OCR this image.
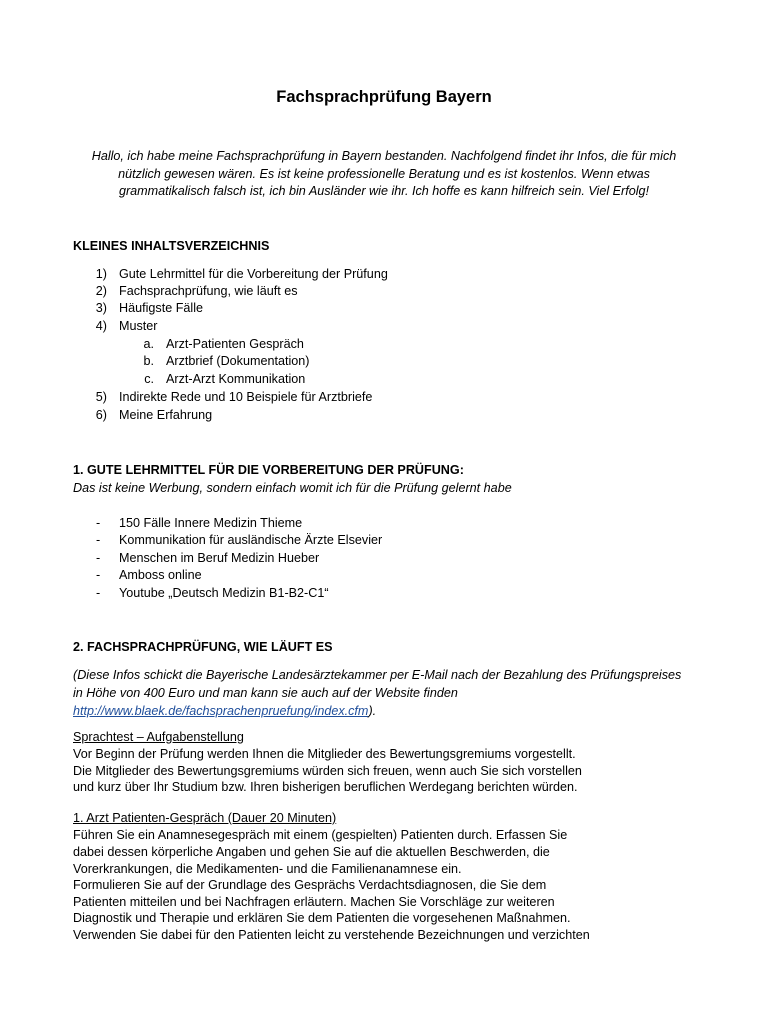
Fachsprachprüfung Bayern
Hallo, ich habe meine Fachsprachprüfung in Bayern bestanden. Nachfolgend findet ihr Infos, die für mich
nützlich gewesen wären. Es ist keine professionelle Beratung und es ist kostenlos. Wenn etwas
grammatikalisch falsch ist, ich bin Ausländer wie ihr. Ich hoffe es kann hilfreich sein. Viel Erfolg!
KLEINES INHALTSVERZEICHNIS
1) Gute Lehrmittel für die Vorbereitung der Prüfung
2) Fachsprachprüfung, wie läuft es
3) Häufigste Fälle
4) Muster
a. Arzt-Patienten Gespräch
b. Arztbrief (Dokumentation)
c. Arzt-Arzt Kommunikation
5) Indirekte Rede und 10 Beispiele für Arztbriefe
6) Meine Erfahrung
1. GUTE LEHRMITTEL FÜR DIE VORBEREITUNG DER PRÜFUNG:
Das ist keine Werbung, sondern einfach womit ich für die Prüfung gelernt habe
- 150 Fälle Innere Medizin Thieme
- Kommunikation für ausländische Ärzte Elsevier
- Menschen im Beruf Medizin Hueber
- Amboss online
- Youtube „Deutsch Medizin B1-B2-C1“
2. FACHSPRACHPRÜFUNG, WIE LÄUFT ES
(Diese Infos schickt die Bayerische Landesärztekammer per E-Mail nach der Bezahlung des Prüfungspreises
in Höhe von 400 Euro und man kann sie auch auf der Website finden
http://www.blaek.de/fachsprachenpruefung/index.cfm).
Sprachtest – Aufgabenstellung
Vor Beginn der Prüfung werden Ihnen die Mitglieder des Bewertungsgremiums vorgestellt.
Die Mitglieder des Bewertungsgremiums würden sich freuen, wenn auch Sie sich vorstellen
und kurz über Ihr Studium bzw. Ihren bisherigen beruflichen Werdegang berichten würden.
1. Arzt Patienten-Gespräch (Dauer 20 Minuten)
Führen Sie ein Anamnesegespräch mit einem (gespielten) Patienten durch. Erfassen Sie
dabei dessen körperliche Angaben und gehen Sie auf die aktuellen Beschwerden, die
Vorerkrankungen, die Medikamenten- und die Familienanamnese ein.
Formulieren Sie auf der Grundlage des Gesprächs Verdachtsdiagnosen, die Sie dem
Patienten mitteilen und bei Nachfragen erläutern. Machen Sie Vorschläge zur weiteren
Diagnostik und Therapie und erklären Sie dem Patienten die vorgesehenen Maßnahmen.
Verwenden Sie dabei für den Patienten leicht zu verstehende Bezeichnungen und verzichten
